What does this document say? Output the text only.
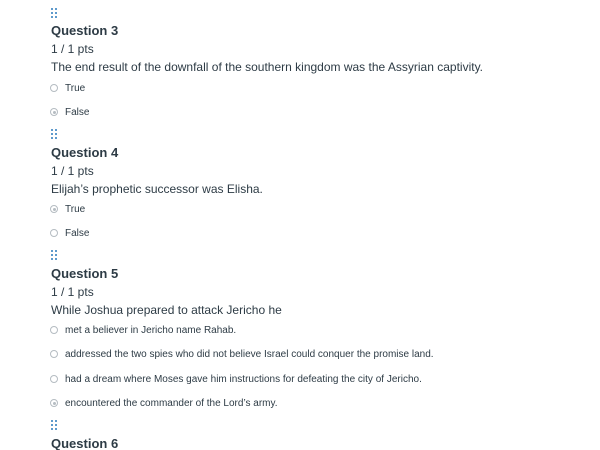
Question 3
1 / 1 pts
The end result of the downfall of the southern kingdom was the Assyrian captivity.
True
False
Question 4
1 / 1 pts
Elijah’s prophetic successor was Elisha.
True
False
Question 5
1 / 1 pts
While Joshua prepared to attack Jericho he
met a believer in Jericho name Rahab.
addressed the two spies who did not believe Israel could conquer the promise land.
had a dream where Moses gave him instructions for defeating the city of Jericho.
encountered the commander of the Lord’s army.
Question 6
